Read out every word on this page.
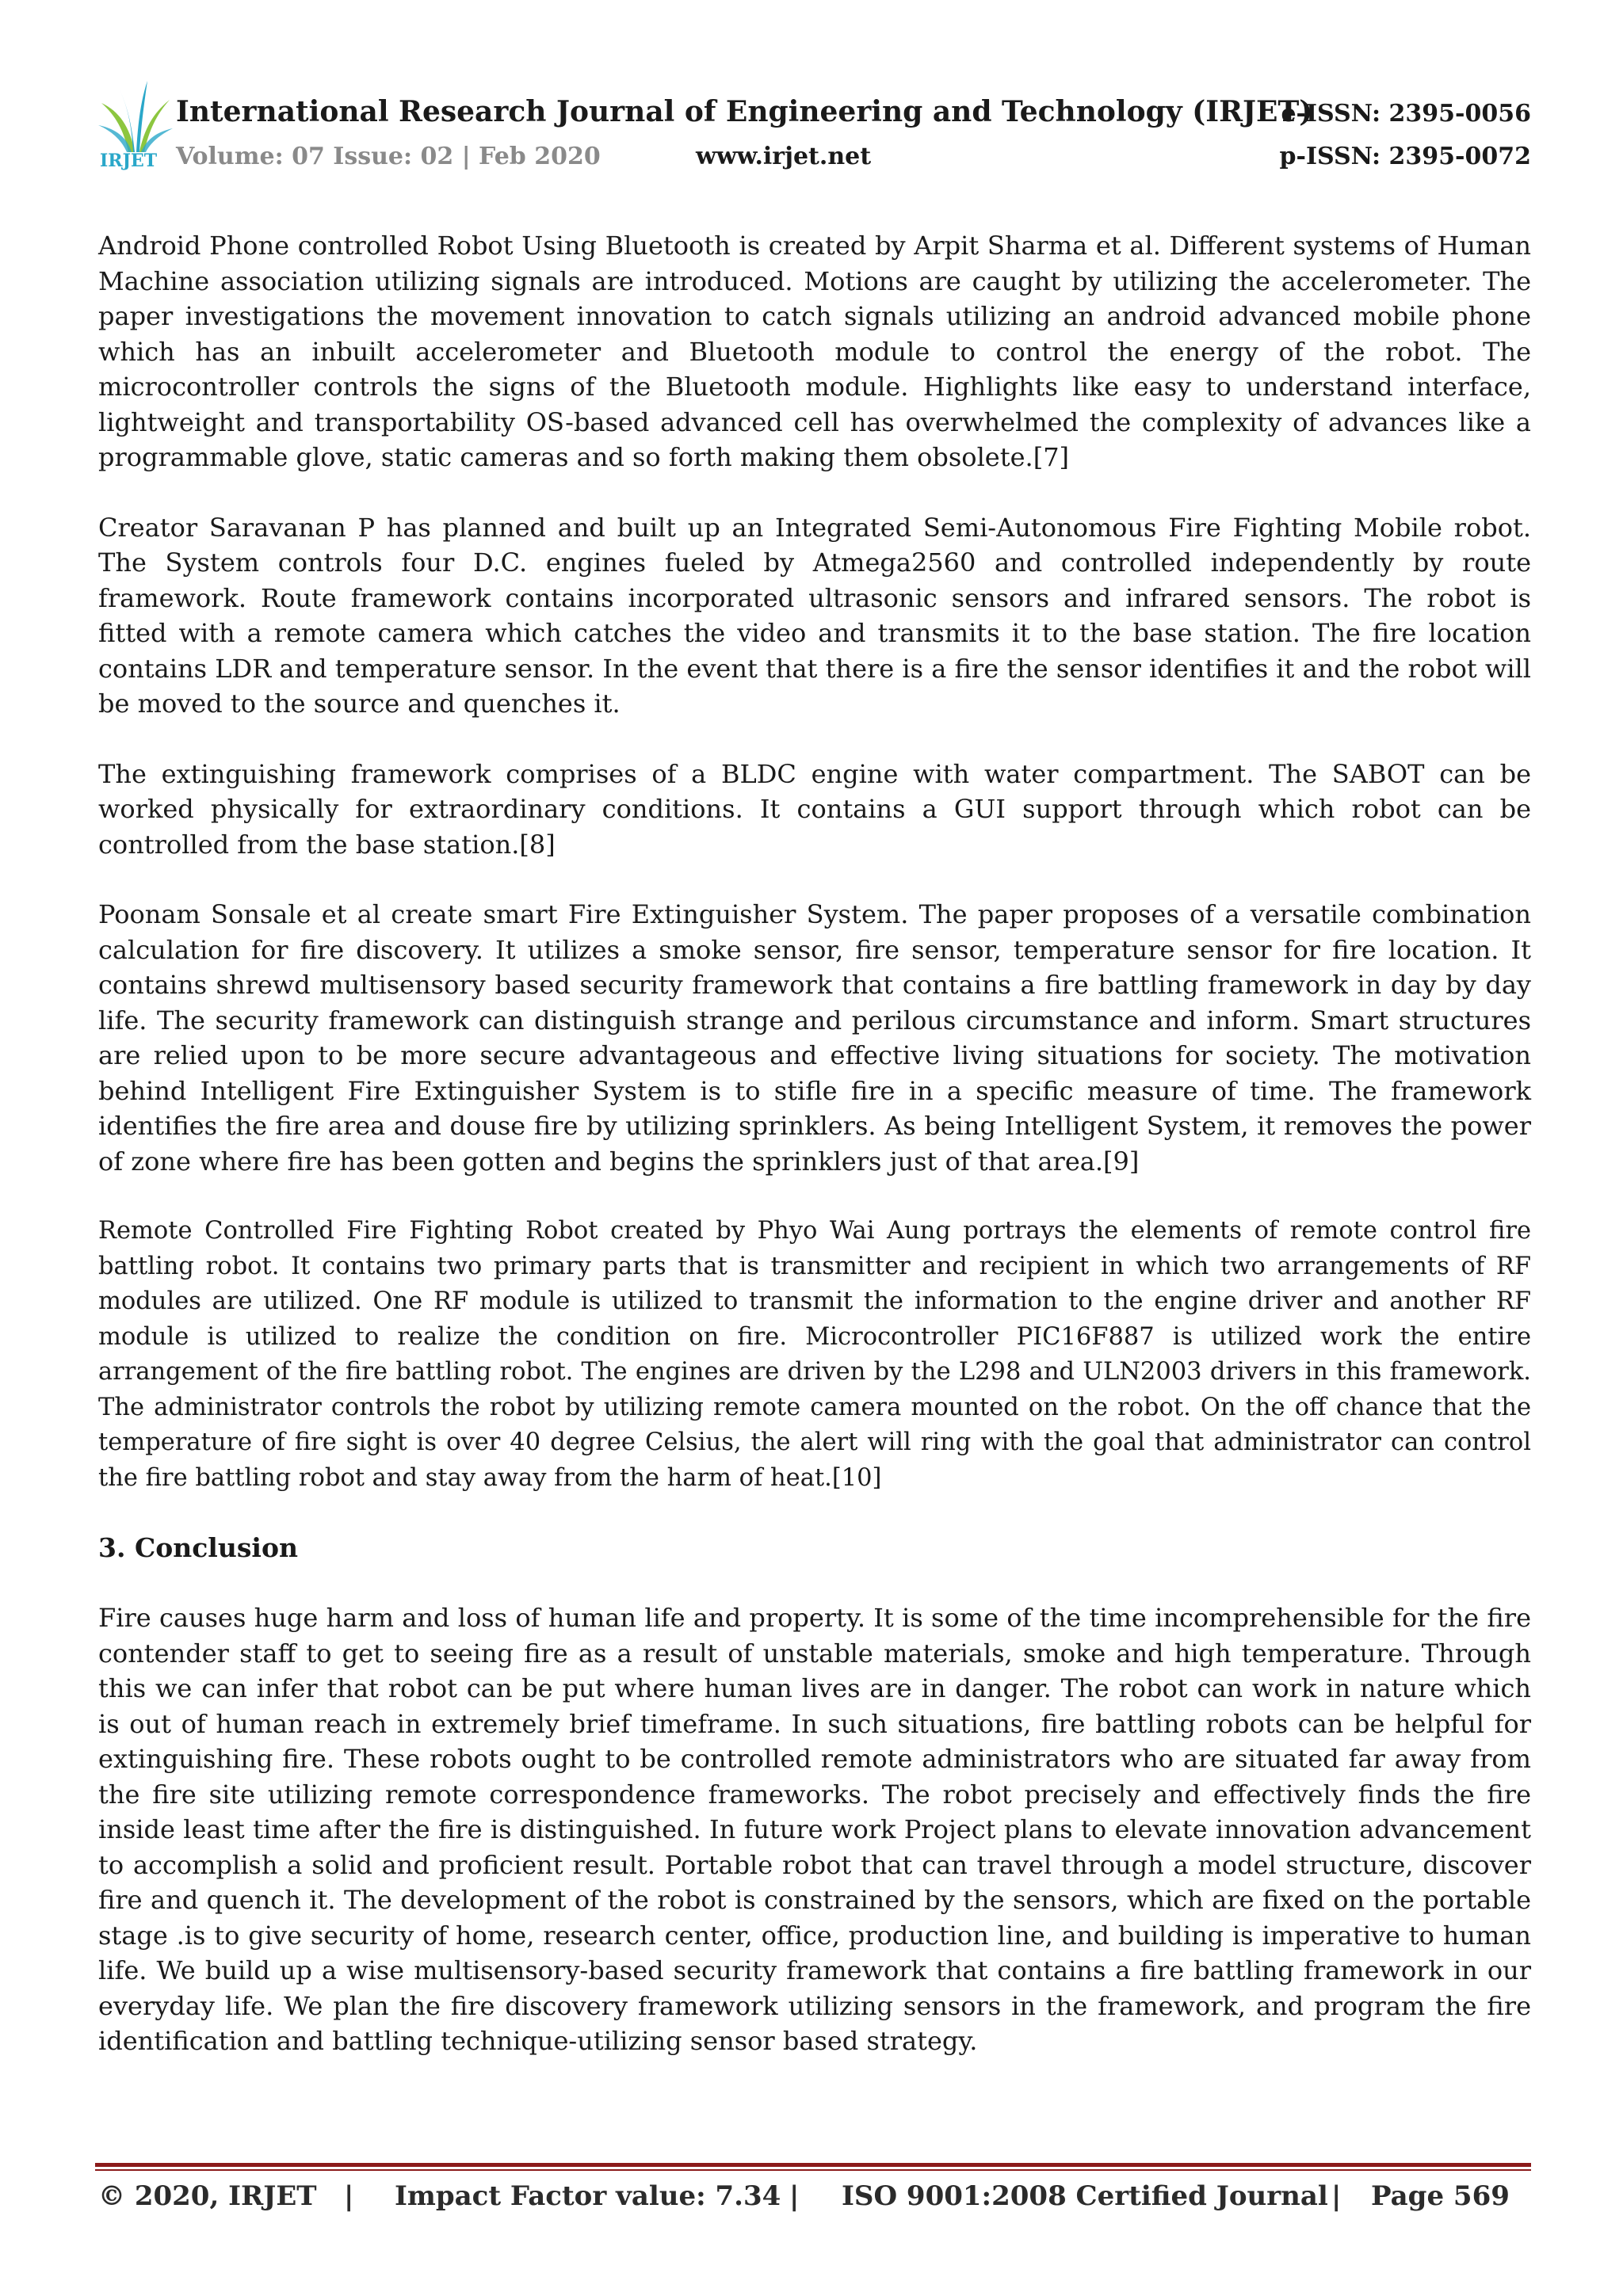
IRJET
International Research Journal of Engineering and Technology (IRJET)
e-ISSN: 2395-0056
Volume: 07 Issue: 02 | Feb 2020	www.irjet.net	p-ISSN: 2395-0072

Android Phone controlled Robot Using Bluetooth is created by Arpit Sharma et al. Different systems of Human Machine association utilizing signals are introduced. Motions are caught by utilizing the accelerometer. The paper investigations the movement innovation to catch signals utilizing an android advanced mobile phone which has an inbuilt accelerometer and Bluetooth module to control the energy of the robot. The microcontroller controls the signs of the Bluetooth module. Highlights like easy to understand interface, lightweight and transportability OS-based advanced cell has overwhelmed the complexity of advances like a programmable glove, static cameras and so forth making them obsolete.[7]

Creator Saravanan P has planned and built up an Integrated Semi-Autonomous Fire Fighting Mobile robot. The System controls four D.C. engines fueled by Atmega2560 and controlled independently by route framework. Route framework contains incorporated ultrasonic sensors and infrared sensors. The robot is fitted with a remote camera which catches the video and transmits it to the base station. The fire location contains LDR and temperature sensor. In the event that there is a fire the sensor identifies it and the robot will be moved to the source and quenches it.

The extinguishing framework comprises of a BLDC engine with water compartment. The SABOT can be worked physically for extraordinary conditions. It contains a GUI support through which robot can be controlled from the base station.[8]

Poonam Sonsale et al create smart Fire Extinguisher System. The paper proposes of a versatile combination calculation for fire discovery. It utilizes a smoke sensor, fire sensor, temperature sensor for fire location. It contains shrewd multisensory based security framework that contains a fire battling framework in day by day life. The security framework can distinguish strange and perilous circumstance and inform. Smart structures are relied upon to be more secure advantageous and effective living situations for society. The motivation behind Intelligent Fire Extinguisher System is to stifle fire in a specific measure of time. The framework identifies the fire area and douse fire by utilizing sprinklers. As being Intelligent System, it removes the power of zone where fire has been gotten and begins the sprinklers just of that area.[9]

Remote Controlled Fire Fighting Robot created by Phyo Wai Aung portrays the elements of remote control fire battling robot. It contains two primary parts that is transmitter and recipient in which two arrangements of RF modules are utilized. One RF module is utilized to transmit the information to the engine driver and another RF module is utilized to realize the condition on fire. Microcontroller PIC16F887 is utilized work the entire arrangement of the fire battling robot. The engines are driven by the L298 and ULN2003 drivers in this framework. The administrator controls the robot by utilizing remote camera mounted on the robot. On the off chance that the temperature of fire sight is over 40 degree Celsius, the alert will ring with the goal that administrator can control the fire battling robot and stay away from the harm of heat.[10]

3. Conclusion

Fire causes huge harm and loss of human life and property. It is some of the time incomprehensible for the fire contender staff to get to seeing fire as a result of unstable materials, smoke and high temperature. Through this we can infer that robot can be put where human lives are in danger. The robot can work in nature which is out of human reach in extremely brief timeframe. In such situations, fire battling robots can be helpful for extinguishing fire. These robots ought to be controlled remote administrators who are situated far away from the fire site utilizing remote correspondence frameworks. The robot precisely and effectively finds the fire inside least time after the fire is distinguished. In future work Project plans to elevate innovation advancement to accomplish a solid and proficient result. Portable robot that can travel through a model structure, discover fire and quench it. The development of the robot is constrained by the sensors, which are fixed on the portable stage .is to give security of home, research center, office, production line, and building is imperative to human life. We build up a wise multisensory-based security framework that contains a fire battling framework in our everyday life. We plan the fire discovery framework utilizing sensors in the framework, and program the fire identification and battling technique-utilizing sensor based strategy.

© 2020, IRJET | Impact Factor value: 7.34 | ISO 9001:2008 Certified Journal | Page 569
